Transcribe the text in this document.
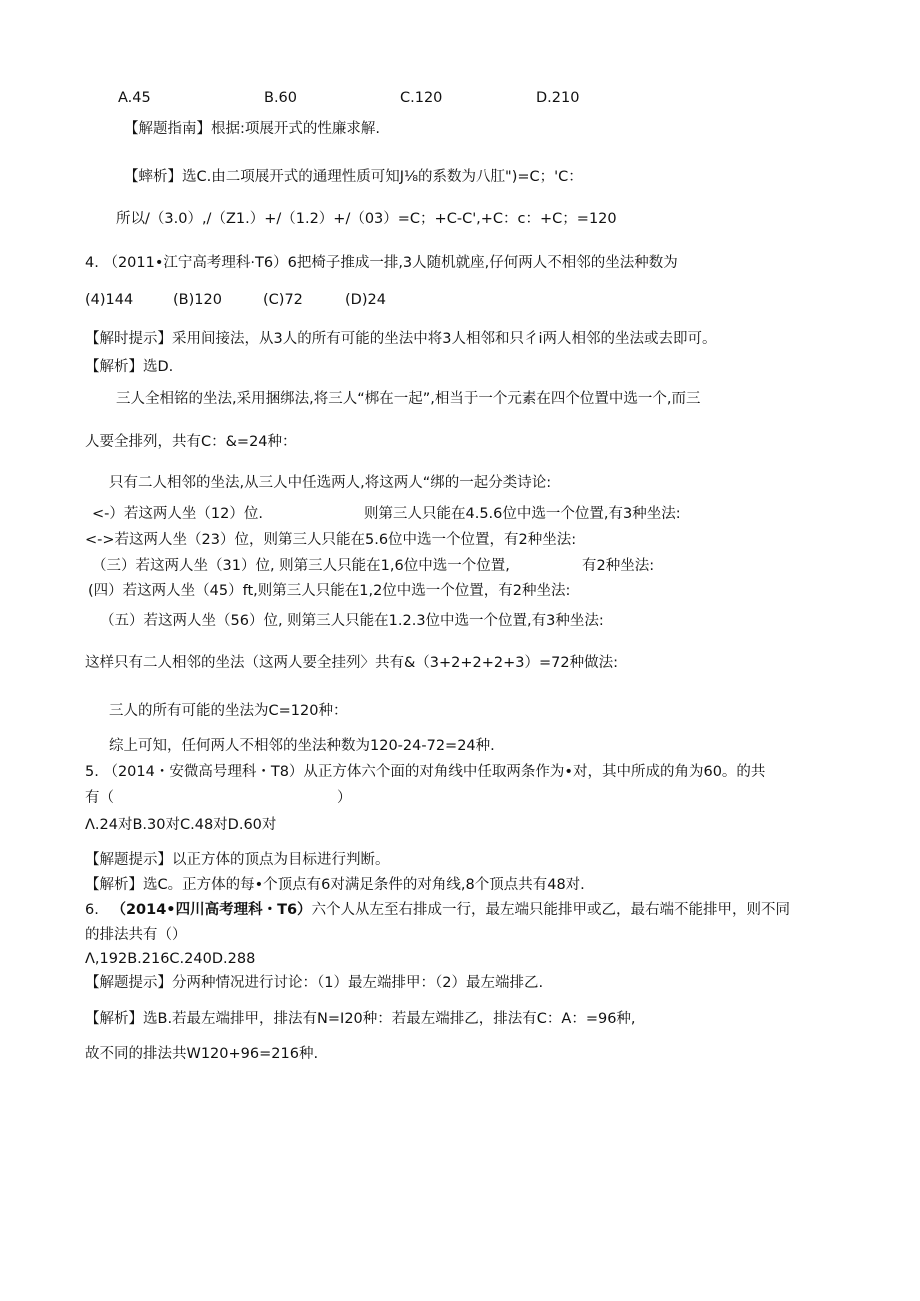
A.45	B.60	C.120	D.210
【解题指南】根据:项展开式的性廉求解.
【蟀析】选C.由二项展开式的通理性质可知J⅛的系数为八肛")=C；'C：
所以/（3.0）,/（Z1.）+/（1.2）+/（03）=C；+C-C',+C：c：+C；=120
4. （2011•江宁高考理科·T6）6把椅子推成一排,3人随机就座,仔何两人不相邻的坐法种数为
(4)144	(B)120	(C)72	(D)24
【解时提示】采用间接法，从3人的所有可能的坐法中将3人相邻和只彳i两人相邻的坐法或去即可。
【解析】选D.
三人全相铭的坐法,采用捆绑法,将三人“梆在一起”,相当于一个元素在四个位置中选一个,而三
人要全排列，共有C：&=24种：
只有二人相邻的坐法,从三人中任选两人,将这两人“绑的一起分类诗论:
<-）若这两人坐（12）位.	则第三人只能在4.5.6位中选一个位置,有3种坐法:
<->若这两人坐（23）位，则第三人只能在5.6位中选一个位置，有2种坐法:
（三）若这两人坐（31）位, 则第三人只能在1,6位中选一个位置,	有2种坐法:
(四）若这两人坐（45）ft,则第三人只能在1,2位中选一个位置，有2种坐法:
（五）若这两人坐（56）位, 则第三人只能在1.2.3位中选一个位置,有3种坐法:
这样只有二人相邻的坐法（这两人要全挂列〉共有&（3+2+2+2+3）=72种做法:
三人的所有可能的坐法为C=120种：
综上可知，任何两人不相邻的坐法种数为120-24-72=24种.
5. （2014・安微高号理科・T8）从正方体六个面的对角线中任取两条作为•对，其中所成的角为60。的共
有（	）
Λ.24对B.30对C.48对D.60对
【解题提示】以正方体的顶点为目标进行判断。
【解析】选C。正方体的每•个顶点有6对满足条件的对角线,8个顶点共有48对.
6. （2014•四川高考理科・T6）六个人从左至右排成一行，最左端只能排甲或乙，最右端不能排甲，则不同
的排法共有（）
Λ,192B.216C.240D.288
【解题提示】分两种情况进行讨论：（1）最左端排甲：（2）最左端排乙.
【解析】选B.若最左端排甲，排法有N=I20种：若最左端排乙，排法有C：A：=96种,
故不同的排法共W120+96=216种.
